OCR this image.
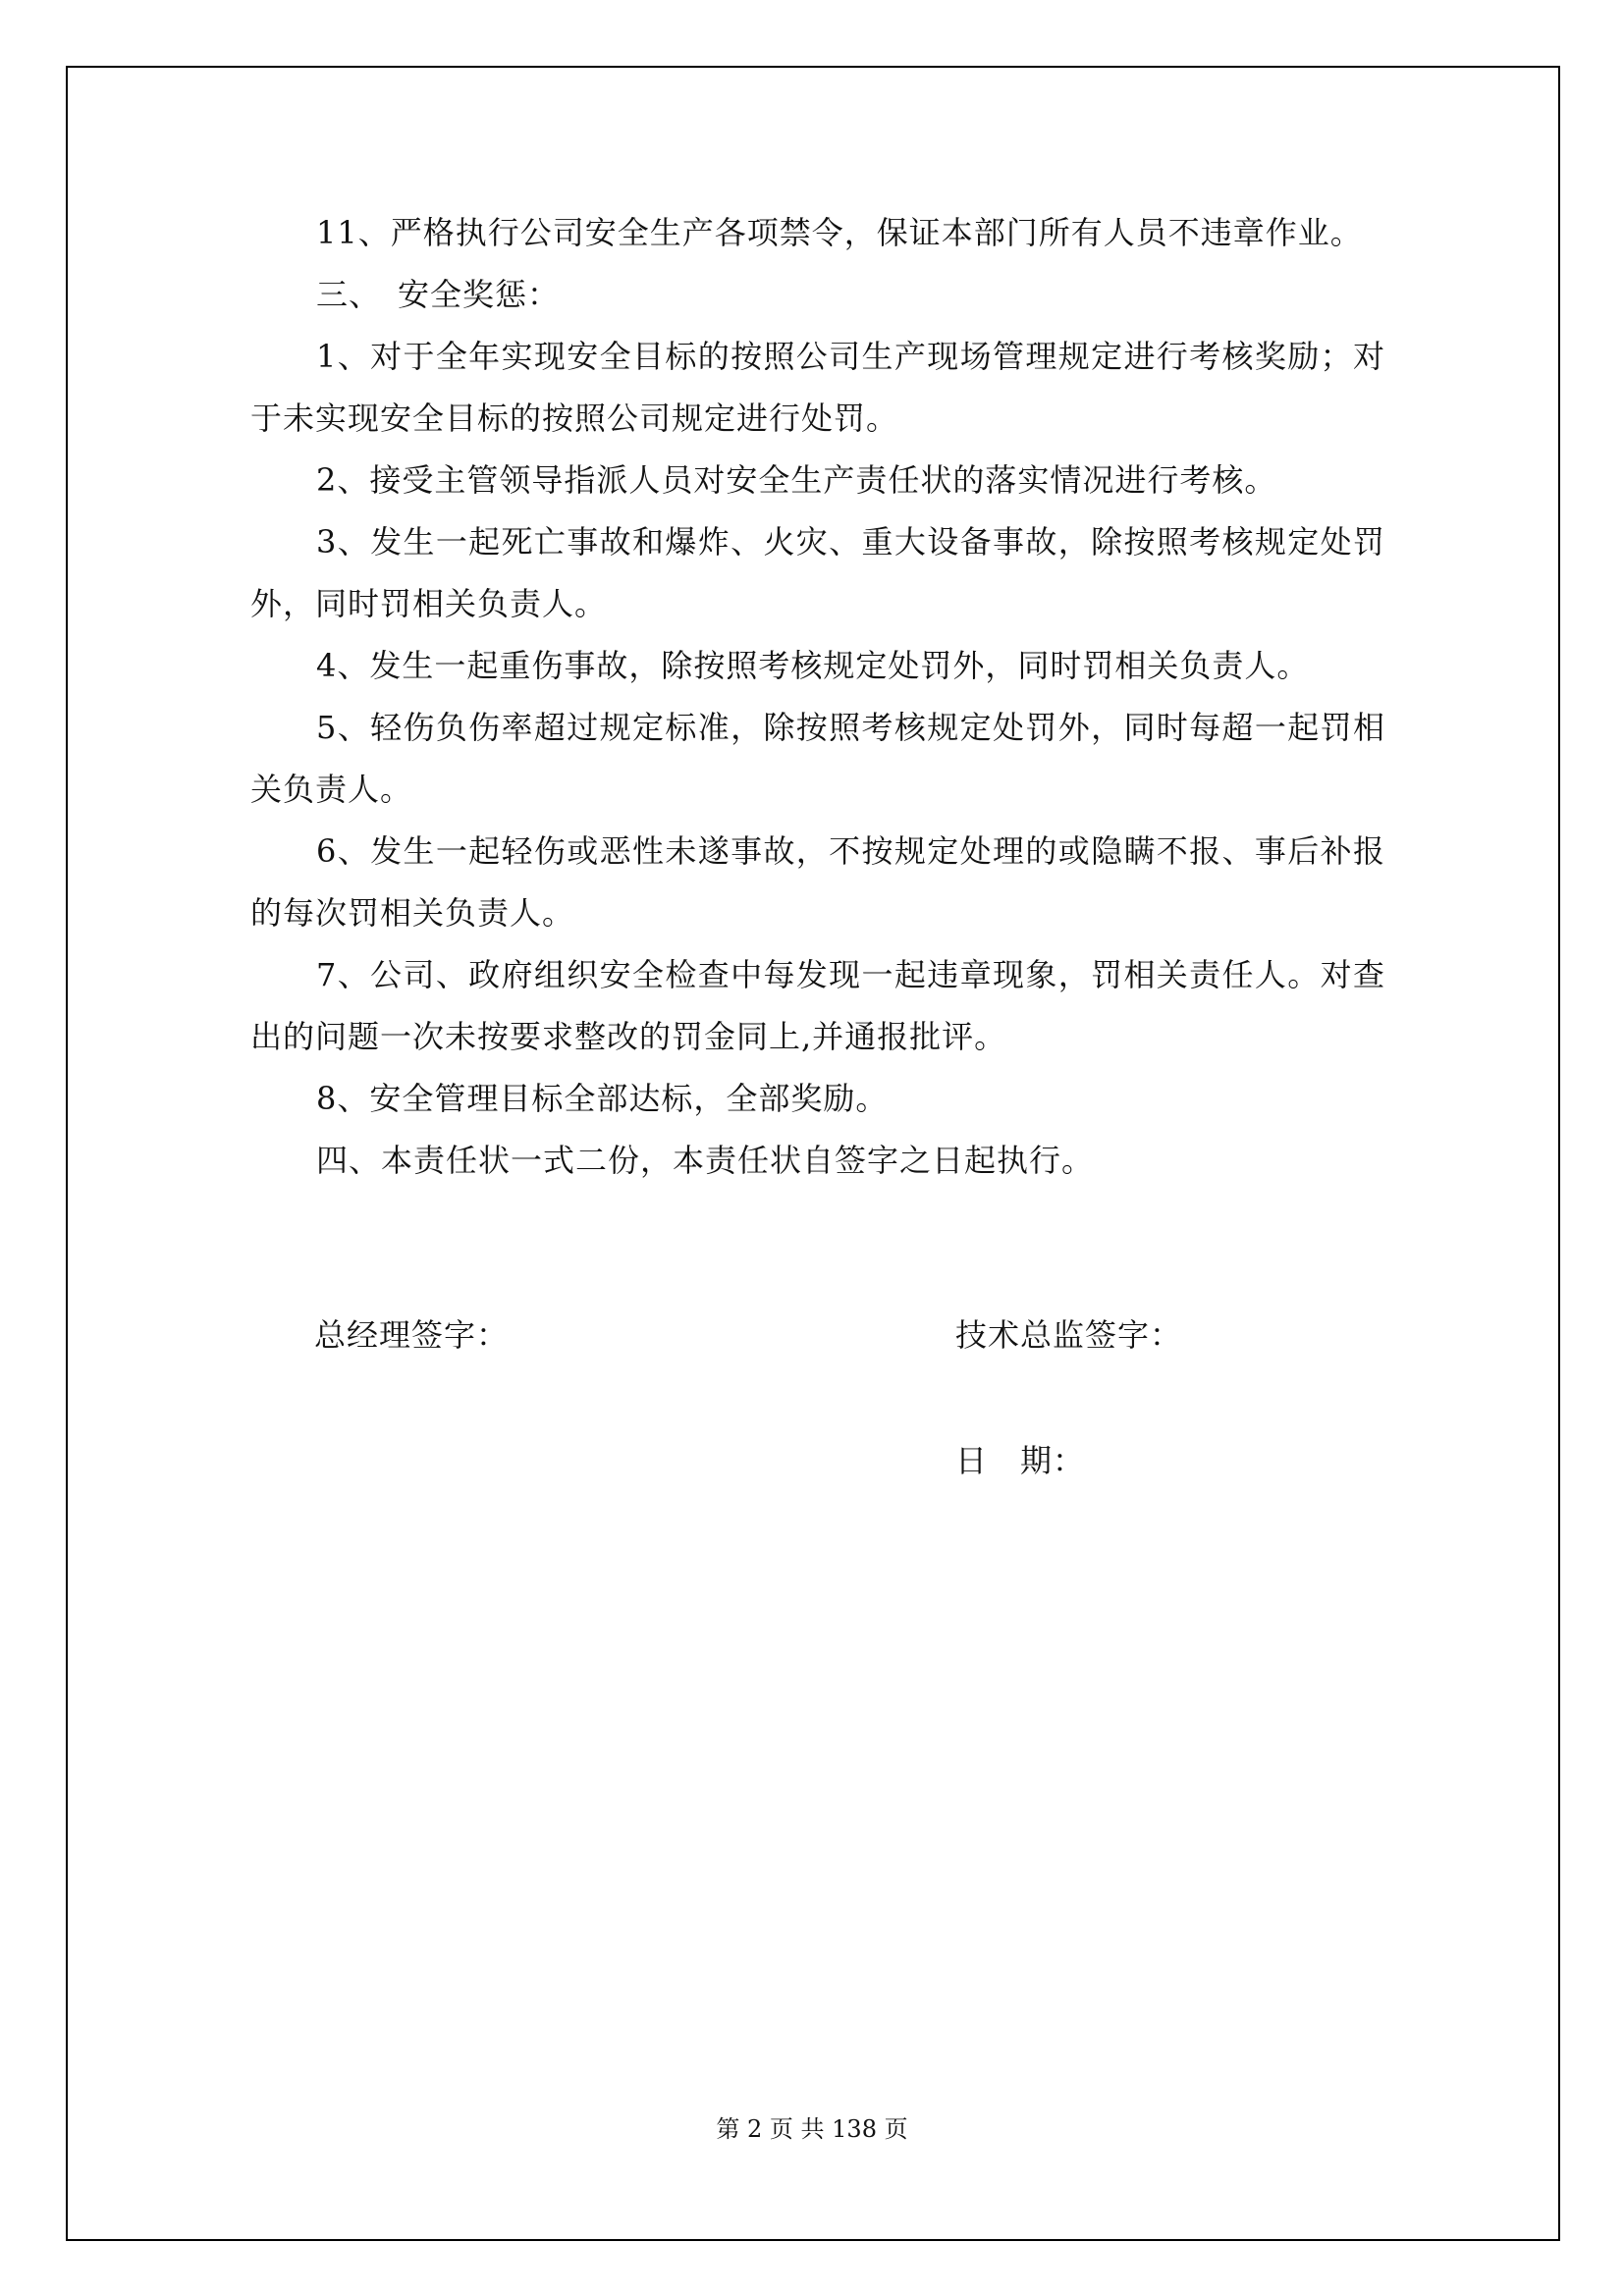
11、严格执行公司安全生产各项禁令，保证本部门所有人员不违章作业。

三、　安全奖惩：

1、对于全年实现安全目标的按照公司生产现场管理规定进行考核奖励；对于未实现安全目标的按照公司规定进行处罚。

2、接受主管领导指派人员对安全生产责任状的落实情况进行考核。

3、发生一起死亡事故和爆炸、火灾、重大设备事故，除按照考核规定处罚外，同时罚相关负责人。

4、发生一起重伤事故，除按照考核规定处罚外，同时罚相关负责人。

5、轻伤负伤率超过规定标准，除按照考核规定处罚外，同时每超一起罚相关负责人。

6、发生一起轻伤或恶性未遂事故，不按规定处理的或隐瞒不报、事后补报的每次罚相关负责人。

7、公司、政府组织安全检查中每发现一起违章现象，罚相关责任人。对查出的问题一次未按要求整改的罚金同上,并通报批评。

8、安全管理目标全部达标，全部奖励。

四、本责任状一式二份，本责任状自签字之日起执行。

总经理签字：	技术总监签字：
日　期：
第 2 页 共 138 页
